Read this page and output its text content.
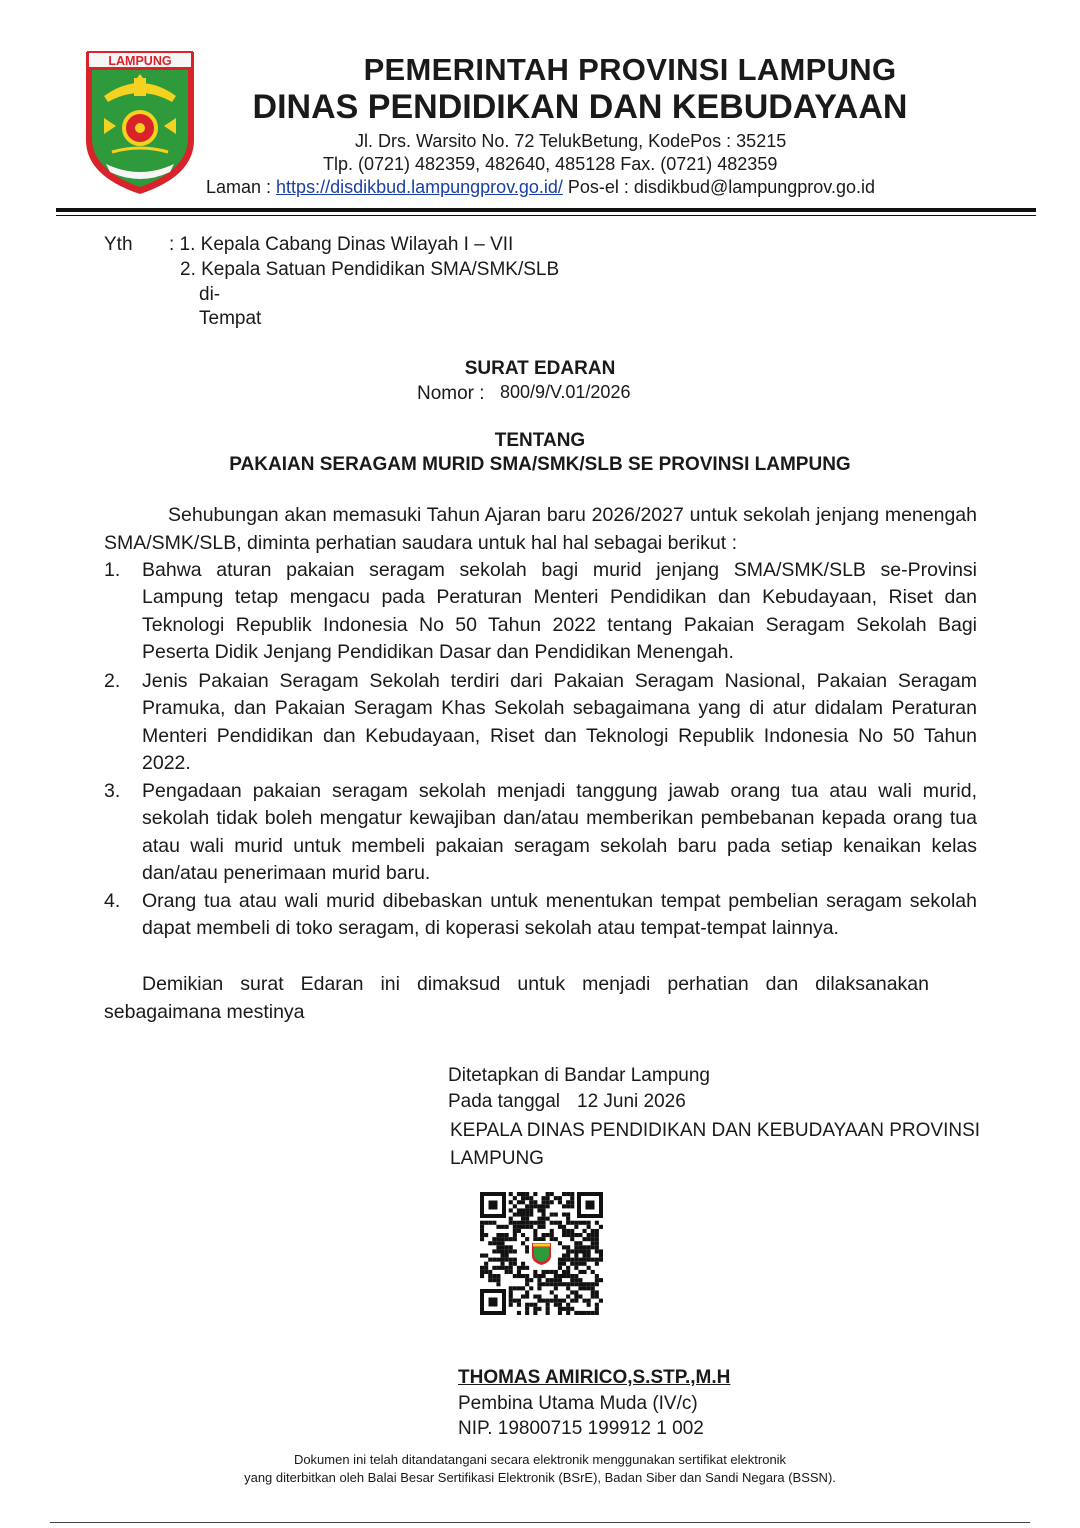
LAMPUNG	PEMERINTAH PROVINSI LAMPUNG
DINAS PENDIDIKAN DAN KEBUDAYAAN
Jl. Drs. Warsito No. 72 TelukBetung, KodePos : 35215
Tlp. (0721) 482359, 482640, 485128 Fax. (0721) 482359
Laman : https://disdikbud.lampungprov.go.id/ Pos-el : disdikbud@lampungprov.go.id
Yth : 1. Kepala Cabang Dinas Wilayah I – VII
2. Kepala Satuan Pendidikan SMA/SMK/SLB
di-
Tempat
SURAT EDARAN
Nomor : 800/9/V.01/2026
TENTANG
PAKAIAN SERAGAM MURID SMA/SMK/SLB SE PROVINSI LAMPUNG
Sehubungan akan memasuki Tahun Ajaran baru 2026/2027 untuk sekolah jenjang menengah SMA/SMK/SLB, diminta perhatian saudara untuk hal hal sebagai berikut :
1. Bahwa aturan pakaian seragam sekolah bagi murid jenjang SMA/SMK/SLB se-Provinsi Lampung tetap mengacu pada Peraturan Menteri Pendidikan dan Kebudayaan, Riset dan Teknologi Republik Indonesia No 50 Tahun 2022 tentang Pakaian Seragam Sekolah Bagi Peserta Didik Jenjang Pendidikan Dasar dan Pendidikan Menengah.
2. Jenis Pakaian Seragam Sekolah terdiri dari Pakaian Seragam Nasional, Pakaian Seragam Pramuka, dan Pakaian Seragam Khas Sekolah sebagaimana yang di atur didalam Peraturan Menteri Pendidikan dan Kebudayaan, Riset dan Teknologi Republik Indonesia No 50 Tahun 2022.
3. Pengadaan pakaian seragam sekolah menjadi tanggung jawab orang tua atau wali murid, sekolah tidak boleh mengatur kewajiban dan/atau memberikan pembebanan kepada orang tua atau wali murid untuk membeli pakaian seragam sekolah baru pada setiap kenaikan kelas dan/atau penerimaan murid baru.
4. Orang tua atau wali murid dibebaskan untuk menentukan tempat pembelian seragam sekolah dapat membeli di toko seragam, di koperasi sekolah atau tempat-tempat lainnya.
Demikian surat Edaran ini dimaksud untuk menjadi perhatian dan dilaksanakan sebagaimana mestinya
Ditetapkan di Bandar Lampung
Pada tanggal 12 Juni 2026
KEPALA DINAS PENDIDIKAN DAN KEBUDAYAAN PROVINSI
LAMPUNG
THOMAS AMIRICO,S.STP.,M.H
Pembina Utama Muda (IV/c)
NIP. 19800715 199912 1 002
Dokumen ini telah ditandatangani secara elektronik menggunakan sertifikat elektronik
yang diterbitkan oleh Balai Besar Sertifikasi Elektronik (BSrE), Badan Siber dan Sandi Negara (BSSN).
